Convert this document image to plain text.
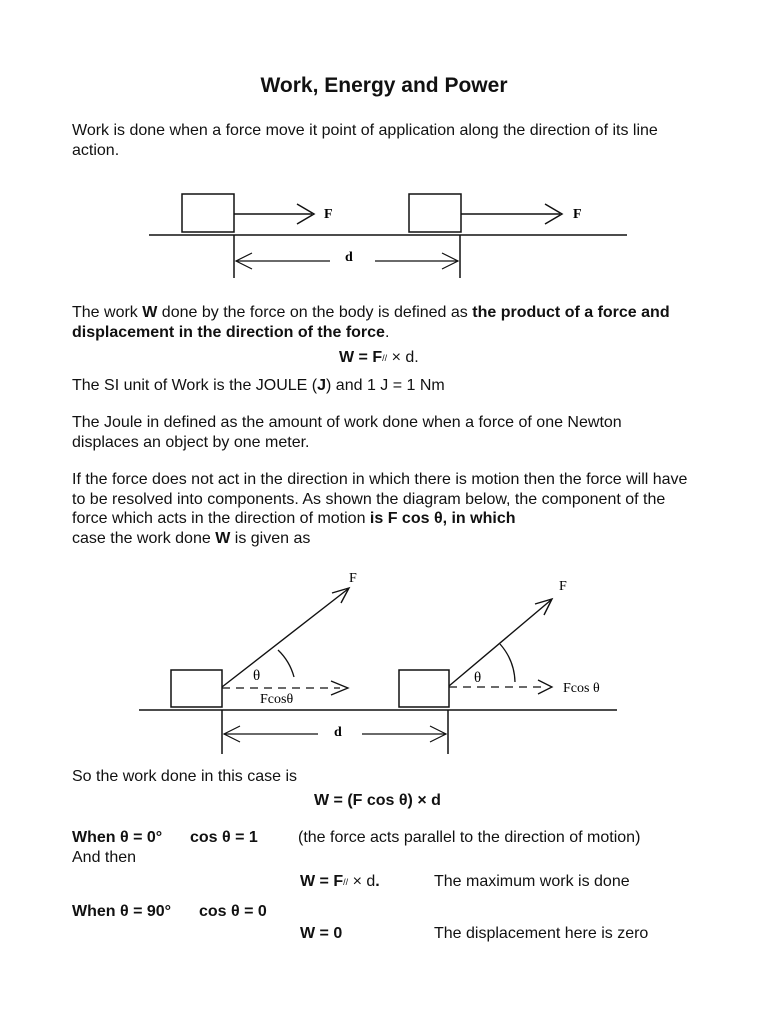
Work, Energy and Power
Work is done when a force move it point of application along the direction of its line action.
F	F
d
The work W done by the force on the body is defined as the product of a force and displacement in the direction of the force.
$W = F_{//} \times d$.
The SI unit of Work is the JOULE (J) and 1 J = 1 Nm
The Joule in defined as the amount of work done when a force of one Newton displaces an object by one meter.
If the force does not act in the direction in which there is motion then the force will have to be resolved into components. As shown the diagram below, the component of the force which acts in the direction of motion is F cos θ, in which
case the work done W is given as
F
θ
Fcosθ
F
θ
Fcos θ
d
So the work done in this case is
W = (F cos θ) × d
When θ = 0° cos θ = 1	(the force acts parallel to the direction of motion)
And then
$W = F_{//} \times d$.	The maximum work is done
When θ = 90° cos θ = 0
W = 0	The displacement here is zero
